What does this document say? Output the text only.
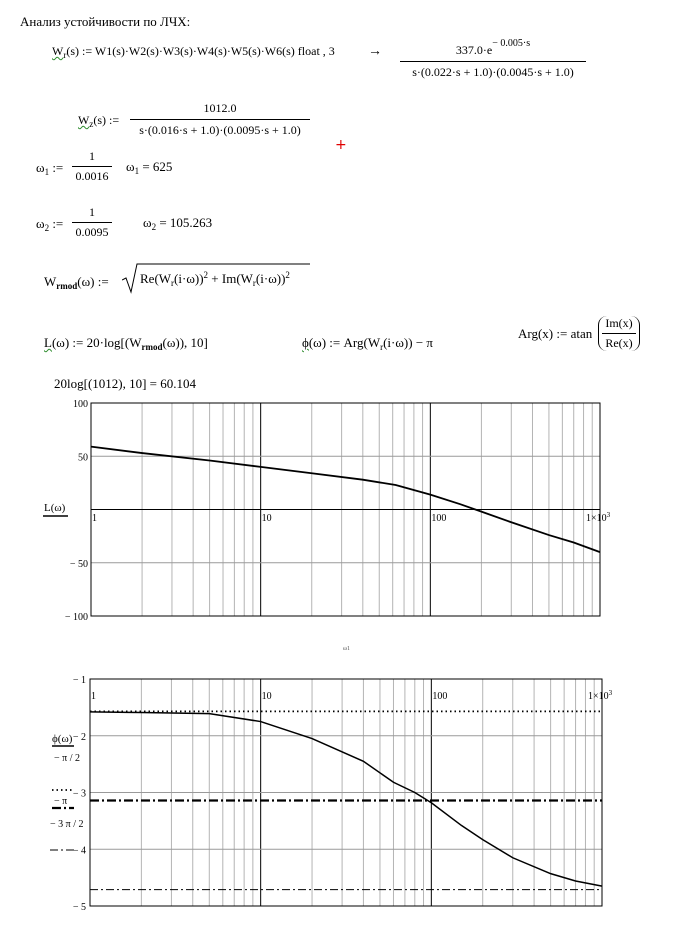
Анализ устойчивости по ЛЧХ:
$W_r(s)$ := W1(s)·W2(s)·W3(s)·W4(s)·W5(s)·W6(s) float , 3 →	$337.0\cdot e^{- 0.005\cdot s}$
s·(0.022·s + 1.0)·(0.0045·s + 1.0)
$W_z(s)$ := $\frac{1012.0}{s\cdot(0.016\cdot s + 1.0)\cdot(0.0095\cdot s + 1.0)}$
+
$\omega_1$ := $\frac{1}{0.0016} \omega_1 = 625$
$\omega_2$ := $\frac{1}{0.0095} \omega_2 = 105.263$
$W_{rmod}(\omega)$ := $Re(W_r(i\cdot\omega))^2 + Im(W_r(i\cdot\omega))^2$
L(ω) := $20\cdot\log[(W_{rmod}(\omega))$, 10]	ϕ(ω) := $Arg(W_r(i\cdot\omega)) - \pi$
Arg(x) := atan $\frac{Im(x)}{Re(x)}$
20log[(1012), 10] = 60.104
1	10	100	$1\times 10^3$
100
50
− 50
− 100
L(ω)
ω1
1	10	100	$1\times 10^3$
− 1
− 2
− 3
− 4
− 5
ϕ(ω)
− π / 2
− π
− 3 π / 2
